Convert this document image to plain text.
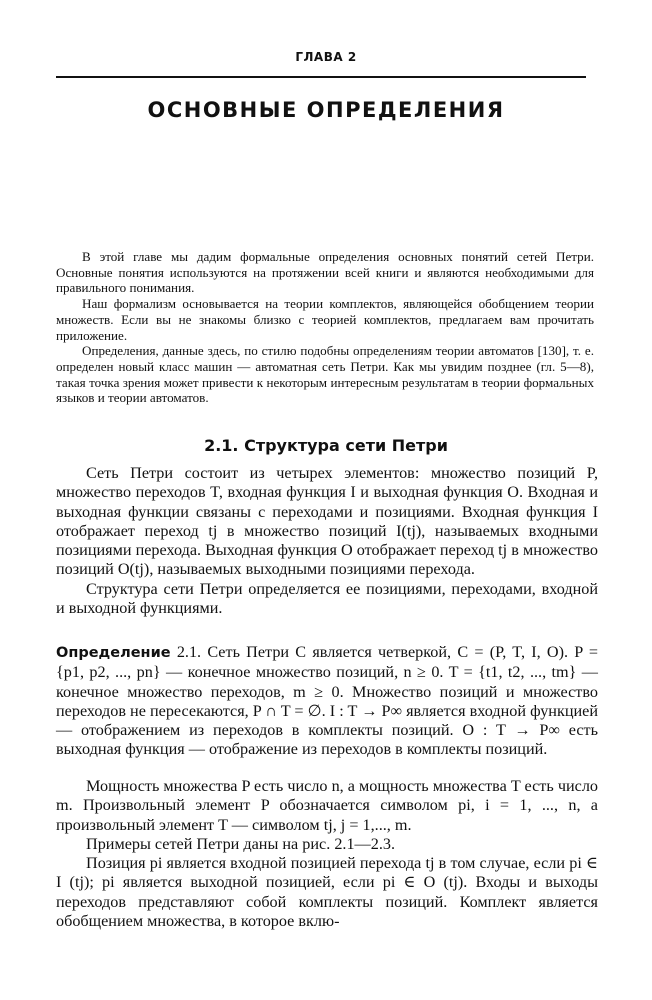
ГЛАВА 2
ОСНОВНЫЕ ОПРЕДЕЛЕНИЯ

В этой главе мы дадим формальные определения основных понятий сетей Петри. Основные понятия используются на протяжении всей книги и являются необходимыми для правильного понимания.

Наш формализм основывается на теории комплектов, являющейся обобщением теории множеств. Если вы не знакомы близко с теорией комплектов, предлагаем вам прочитать приложение.

Определения, данные здесь, по стилю подобны определениям теории автоматов [130], т. е. определен новый класс машин — автоматная сеть Петри. Как мы увидим позднее (гл. 5—8), такая точка зрения может привести к некоторым интересным результатам в теории формальных языков и теории автоматов.

2.1. Структура сети Петри

Сеть Петри состоит из четырех элементов: множество позиций P, множество переходов T, входная функция I и выходная функция O. Входная и выходная функции связаны с переходами и позициями. Входная функция I отображает переход tj в множество позиций I(tj), называемых входными позициями перехода. Выходная функция O отображает переход tj в множество позиций O(tj), называемых выходными позициями перехода.

Структура сети Петри определяется ее позициями, переходами, входной и выходной функциями.

Определение 2.1. Сеть Петри C является четверкой, C = (P, T, I, O). P = {p1, p2, ..., pn} — конечное множество позиций, n ≥ 0. T = {t1, t2, ..., tm} — конечное множество переходов, m ≥ 0. Множество позиций и множество переходов не пересекаются, P ∩ T = ∅. I : T → P∞ является входной функцией — отображением из переходов в комплекты позиций. O : T → P∞ есть выходная функция — отображение из переходов в комплекты позиций.

Мощность множества P есть число n, а мощность множества T есть число m. Произвольный элемент P обозначается символом pi, i = 1, ..., n, а произвольный элемент T — символом tj, j = 1,..., m.

Примеры сетей Петри даны на рис. 2.1—2.3.

Позиция pi является входной позицией перехода tj в том случае, если pi ∈ I (tj); pi является выходной позицией, если pi ∈ O (tj). Входы и выходы переходов представляют собой комплекты позиций. Комплект является обобщением множества, в которое вклю-
